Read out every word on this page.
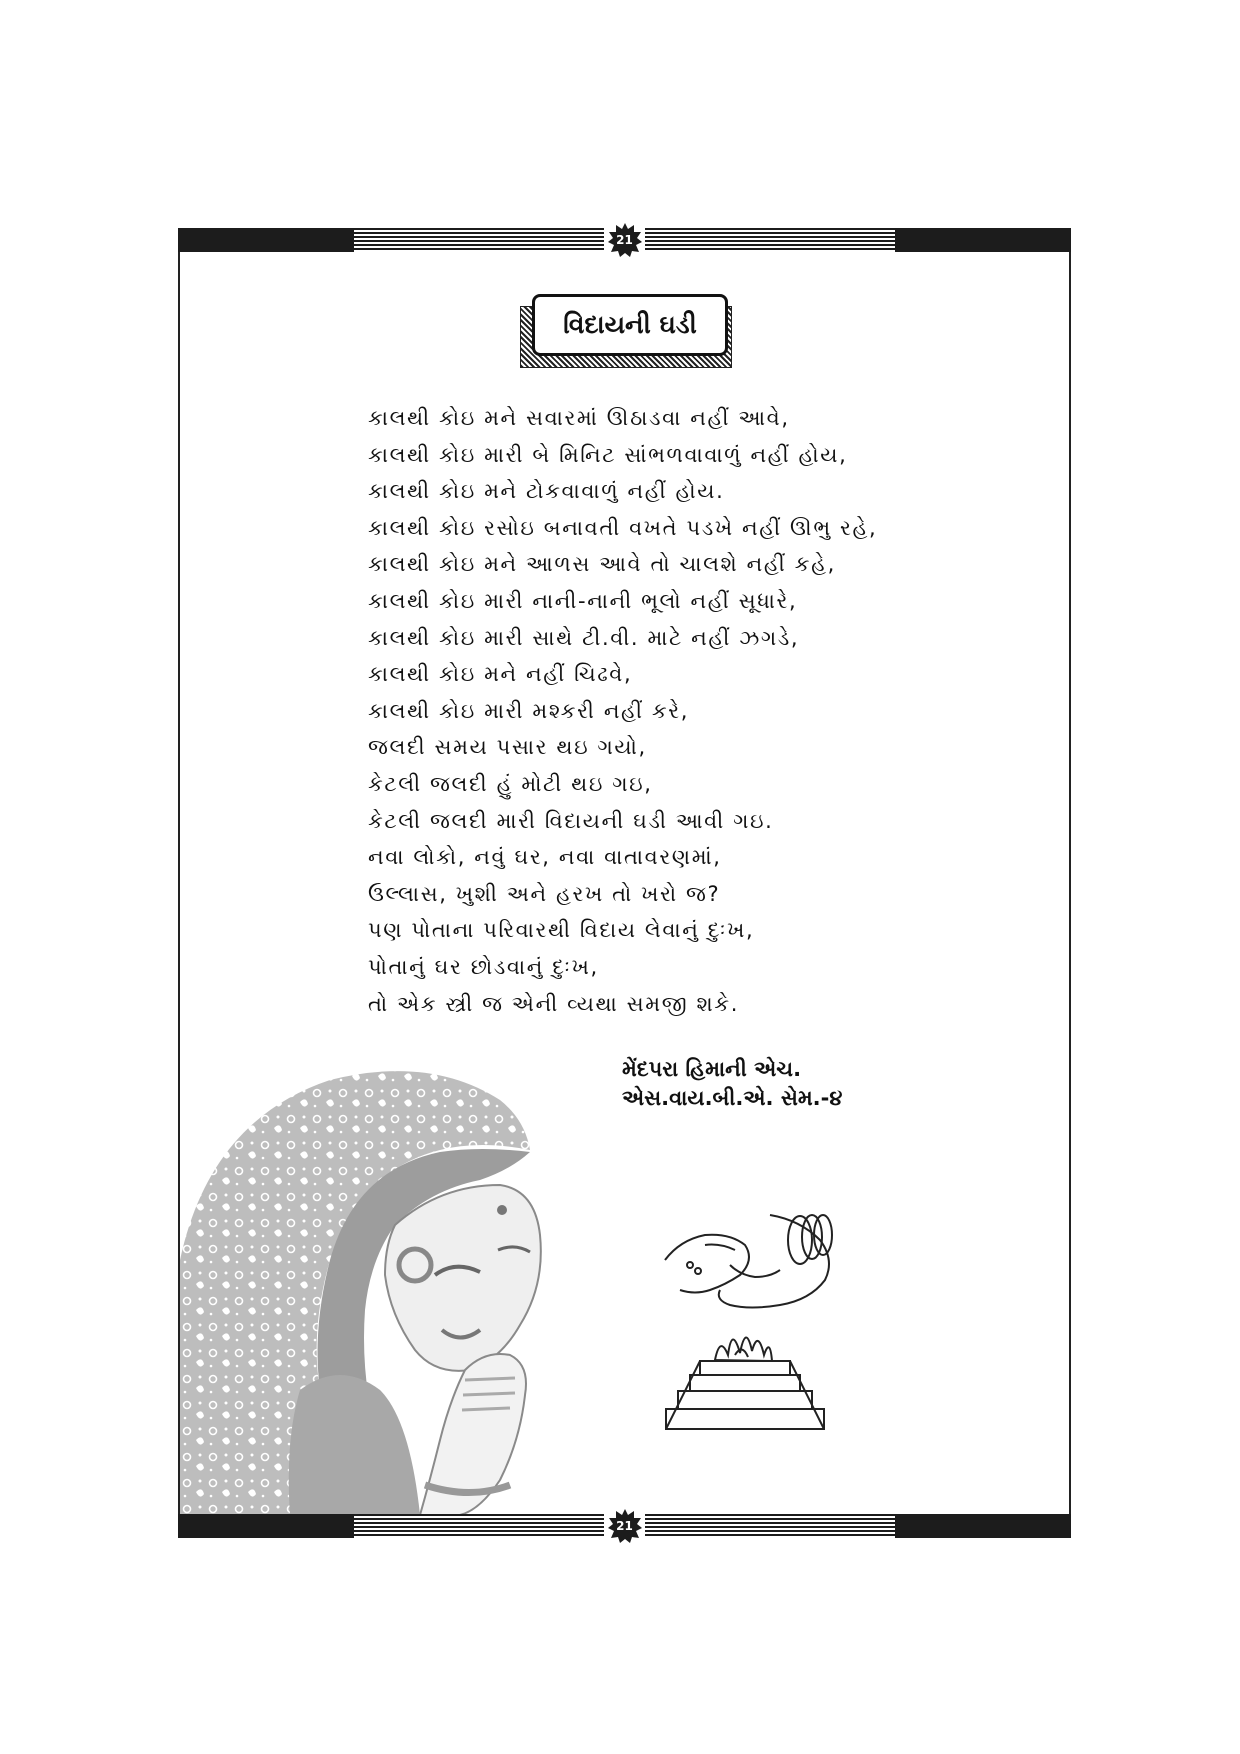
21
વિદાયની ઘડી
કાલથી કોઇ મને સવારમાં ઊઠાડવા નહીં આવે,
કાલથી કોઇ મારી બે મિનિટ સાંભળવાવાળું નહીં હોય,
કાલથી કોઇ મને ટોકવાવાળું નહીં હોય.
કાલથી કોઇ રસોઇ બનાવતી વખતે પડખે નહીં ઊભુ રહે,
કાલથી કોઇ મને આળસ આવે તો ચાલશે નહીં કહે,
કાલથી કોઇ મારી નાની-નાની ભૂલો નહીં સૂધારે,
કાલથી કોઇ મારી સાથે ટી.વી. માટે નહીં ઝગડે,
કાલથી કોઇ મને નહીં ચિઢવે,
કાલથી કોઇ મારી મશ્કરી નહીં કરે,
જલદી સમય પસાર થઇ ગયો,
કેટલી જલદી હું મોટી થઇ ગઇ,
કેટલી જલદી મારી વિદાયની ઘડી આવી ગઇ.
નવા લોકો, નવું ઘર, નવા વાતાવરણમાં,
ઉલ્લાસ, ખુશી અને હરખ તો ખરો જ?
પણ પોતાના પરિવારથી વિદાય લેવાનું દુઃખ,
પોતાનું ઘર છોડવાનું દુઃખ,
તો એક સ્ત્રી જ એની વ્યથા સમજી શકે.
મેંદપરા હિમાની એચ.
એસ.વાય.બી.એ. સેમ.-૪
21
